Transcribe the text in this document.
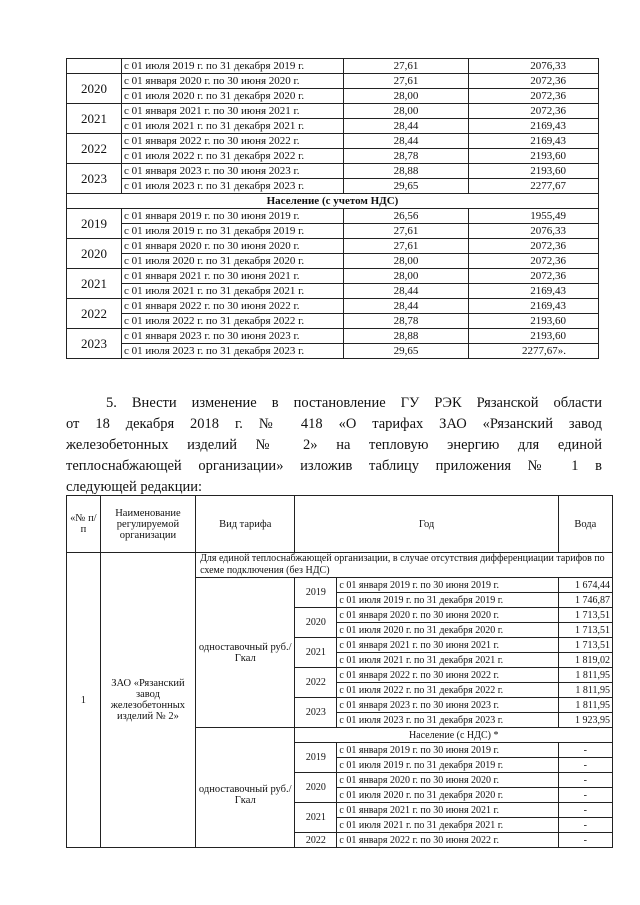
	с 01 июля 2019 г. по 31 декабря 2019 г.	27,61	2076,33
2020	с 01 января 2020 г. по 30 июня 2020 г.	27,61	2072,36
	с 01 июля 2020 г. по 31 декабря 2020 г.	28,00	2072,36
2021	с 01 января 2021 г. по 30 июня 2021 г.	28,00	2072,36
	с 01 июля 2021 г. по 31 декабря 2021 г.	28,44	2169,43
2022	с 01 января 2022 г. по 30 июня 2022 г.	28,44	2169,43
	с 01 июля 2022 г. по 31 декабря 2022 г.	28,78	2193,60
2023	с 01 января 2023 г. по 30 июня 2023 г.	28,88	2193,60
	с 01 июля 2023 г. по 31 декабря 2023 г.	29,65	2277,67
Население (с учетом НДС)			
2019	с 01 января 2019 г. по 30 июня 2019 г.	26,56	1955,49
	с 01 июля 2019 г. по 31 декабря 2019 г.	27,61	2076,33
2020	с 01 января 2020 г. по 30 июня 2020 г.	27,61	2072,36
	с 01 июля 2020 г. по 31 декабря 2020 г.	28,00	2072,36
2021	с 01 января 2021 г. по 30 июня 2021 г.	28,00	2072,36
	с 01 июля 2021 г. по 31 декабря 2021 г.	28,44	2169,43
2022	с 01 января 2022 г. по 30 июня 2022 г.	28,44	2169,43
	с 01 июля 2022 г. по 31 декабря 2022 г.	28,78	2193,60
2023	с 01 января 2023 г. по 30 июня 2023 г.	28,88	2193,60
	с 01 июля 2023 г. по 31 декабря 2023 г.	29,65	2277,67».
5. Внести изменение в постановление ГУ РЭК Рязанской области
от 18 декабря 2018 г. № 418 «О тарифах ЗАО «Рязанский завод
железобетонных изделий № 2» на тепловую энергию для единой
теплоснабжающей организации» изложив таблицу приложения № 1 в
следующей редакции:
«№ п/п	Наименование регулируемой организации	Вид тарифа	Год		Вода
1	ЗАО «Рязанский завод железобетонных изделий № 2»	Для единой теплоснабжающей организации, в случае отсутствия дифференциации тарифов по схеме подключения (без НДС)			
		одноставочный руб./Гкал	2019	с 01 января 2019 г. по 30 июня 2019 г.	1 674,44
				с 01 июля 2019 г. по 31 декабря 2019 г.	1 746,87
			2020	с 01 января 2020 г. по 30 июня 2020 г.	1 713,51
				с 01 июля 2020 г. по 31 декабря 2020 г.	1 713,51
			2021	с 01 января 2021 г. по 30 июня 2021 г.	1 713,51
				с 01 июля 2021 г. по 31 декабря 2021 г.	1 819,02
			2022	с 01 января 2022 г. по 30 июня 2022 г.	1 811,95
				с 01 июля 2022 г. по 31 декабря 2022 г.	1 811,95
			2023	с 01 января 2023 г. по 30 июня 2023 г.	1 811,95
				с 01 июля 2023 г. по 31 декабря 2023 г.	1 923,95
			Население (с НДС) *		
		одноставочный руб./Гкал	2019	с 01 января 2019 г. по 30 июня 2019 г.	-
				с 01 июля 2019 г. по 31 декабря 2019 г.	-
			2020	с 01 января 2020 г. по 30 июня 2020 г.	-
				с 01 июля 2020 г. по 31 декабря 2020 г.	-
			2021	с 01 января 2021 г. по 30 июня 2021 г.	-
				с 01 июля 2021 г. по 31 декабря 2021 г.	-
			2022	с 01 января 2022 г. по 30 июня 2022 г.	-
